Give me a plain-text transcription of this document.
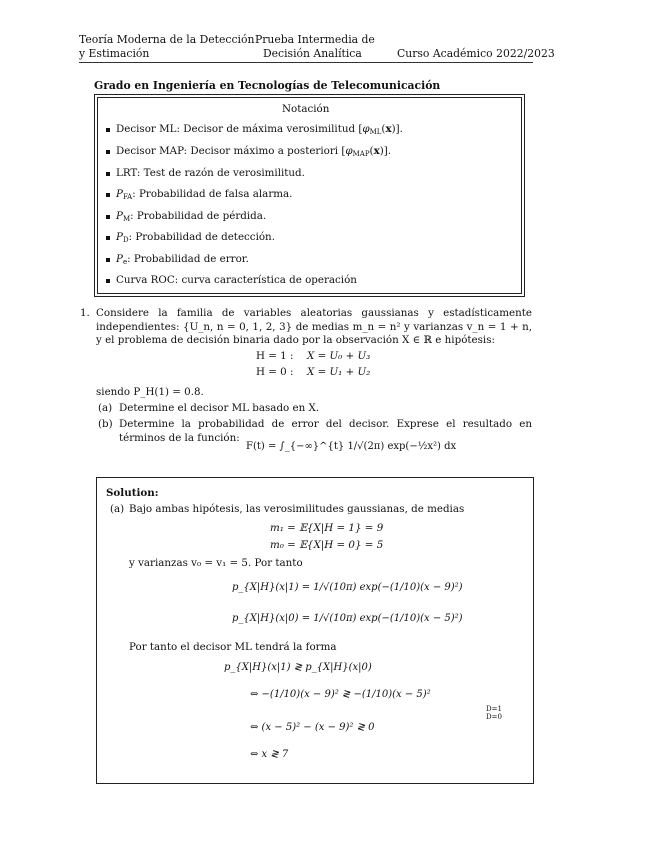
Teoría Moderna de la Detección
y Estimación
Prueba Intermedia de
Decisión Analítica	Curso Académico 2022/2023
Grado en Ingeniería en Tecnologías de Telecomunicación
Notación
Decisor ML: Decisor de máxima verosimilitud $[\varphi_{ML}(x)]$.
Decisor MAP: Decisor máximo a posteriori $[\varphi_{MAP}(x)]$.
LRT: Test de razón de verosimilitud.
$P_{FA}$: Probabilidad de falsa alarma.
$P_M$: Probabilidad de pérdida.
$P_D$: Probabilidad de detección.
$P_e$: Probabilidad de error.
Curva ROC: curva característica de operación
1. Considere la familia de variables aleatorias gaussianas y estadísticamente independientes: {U_n, n = 0, 1, 2, 3} de medias m_n = n² y varianzas v_n = 1 + n, y el problema de decisión binaria dado por la observación X ∈ ℝ e hipótesis:
H = 1 : X = U₀ + U₃
H = 0 : X = U₁ + U₂
siendo P_H(1) = 0.8.
(a) Determine el decisor ML basado en X.
(b) Determine la probabilidad de error del decisor. Exprese el resultado en términos de la función:
F(t) = ∫_{−∞}^{t} 1/√(2π) exp(−½x²) dx
Solution:
(a) Bajo ambas hipótesis, las verosimilitudes gaussianas, de medias
m₁ = 𝔼{X|H = 1} = 9
m₀ = 𝔼{X|H = 0} = 5
y varianzas v₀ = v₁ = 5. Por tanto
p_{X|H}(x|1) = 1/√(10π) exp(−(1/10)(x − 9)²)
p_{X|H}(x|0) = 1/√(10π) exp(−(1/10)(x − 5)²)
Por tanto el decisor ML tendrá la forma
p_{X|H}(x|1) ≷ p_{X|H}(x|0)
⇔ −(1/10)(x − 9)² ≷ −(1/10)(x − 5)²
⇔ (x − 5)² − (x − 9)² ≷ 0
⇔ x ≷ 7
D=1
D=0
